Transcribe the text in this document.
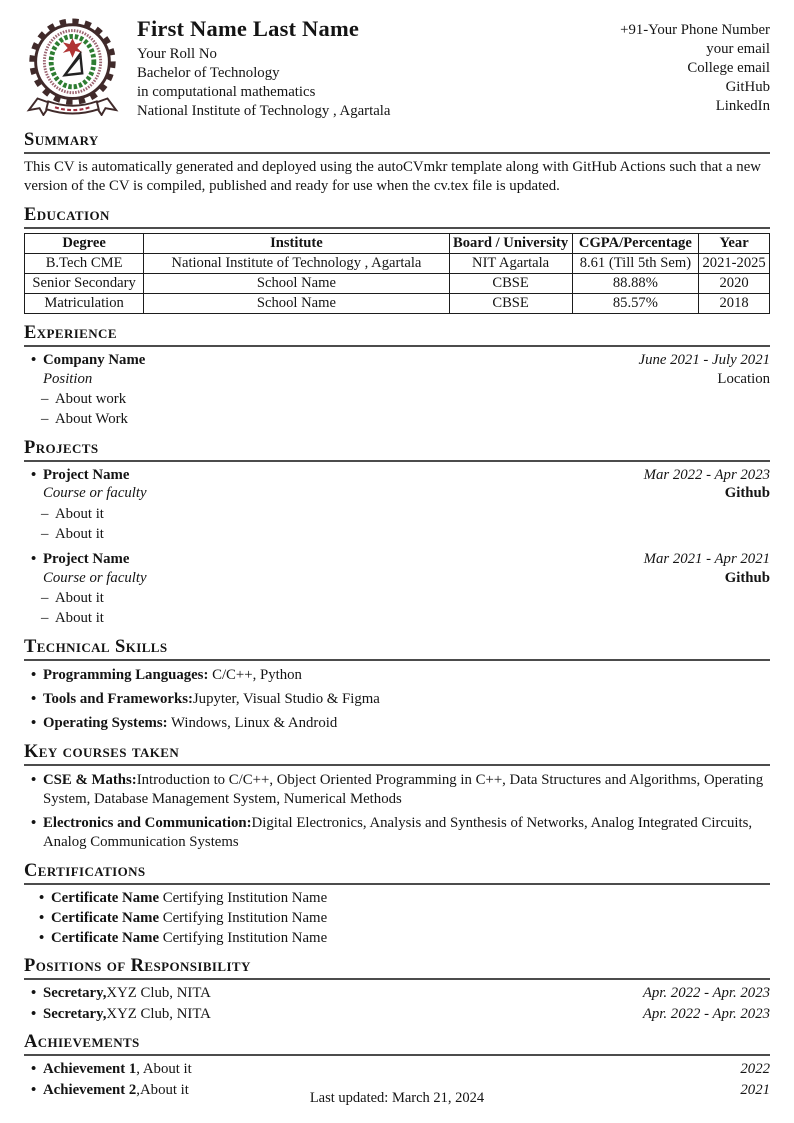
First Name Last Name
Your Roll No
Bachelor of Technology
in computational mathematics
National Institute of Technology , Agartala
+91-Your Phone Number
your email
College email
GitHub
LinkedIn
Summary
This CV is automatically generated and deployed using the autoCVmkr template along with GitHub Actions such that a new version of the CV is compiled, published and ready for use when the cv.tex file is updated.
Education
Degree	Institute	Board / University	CGPA/Percentage	Year
B.Tech CME	National Institute of Technology , Agartala	NIT Agartala	8.61 (Till 5th Sem)	2021-2025
Senior Secondary	School Name	CBSE	88.88%	2020
Matriculation	School Name	CBSE	85.57%	2018
Experience
• Company Name	June 2021 - July 2021
Position	Location
– About work
– About Work
Projects
• Project Name	Mar 2022 - Apr 2023
Course or faculty	Github
– About it
– About it
• Project Name	Mar 2021 - Apr 2021
Course or faculty	Github
– About it
– About it
Technical Skills
• Programming Languages: C/C++, Python
• Tools and Frameworks:Jupyter, Visual Studio & Figma
• Operating Systems: Windows, Linux & Android
Key courses taken
• CSE & Maths:Introduction to C/C++, Object Oriented Programming in C++, Data Structures and Algorithms, Operating System, Database Management System, Numerical Methods
• Electronics and Communication:Digital Electronics, Analysis and Synthesis of Networks, Analog Integrated Circuits, Analog Communication Systems
Certifications
• Certificate Name Certifying Institution Name
• Certificate Name Certifying Institution Name
• Certificate Name Certifying Institution Name
Positions of Responsibility
• Secretary,XYZ Club, NITA	Apr. 2022 - Apr. 2023
• Secretary,XYZ Club, NITA	Apr. 2022 - Apr. 2023
Achievements
• Achievement 1, About it	2022
• Achievement 2,About it	2021
Last updated: March 21, 2024
